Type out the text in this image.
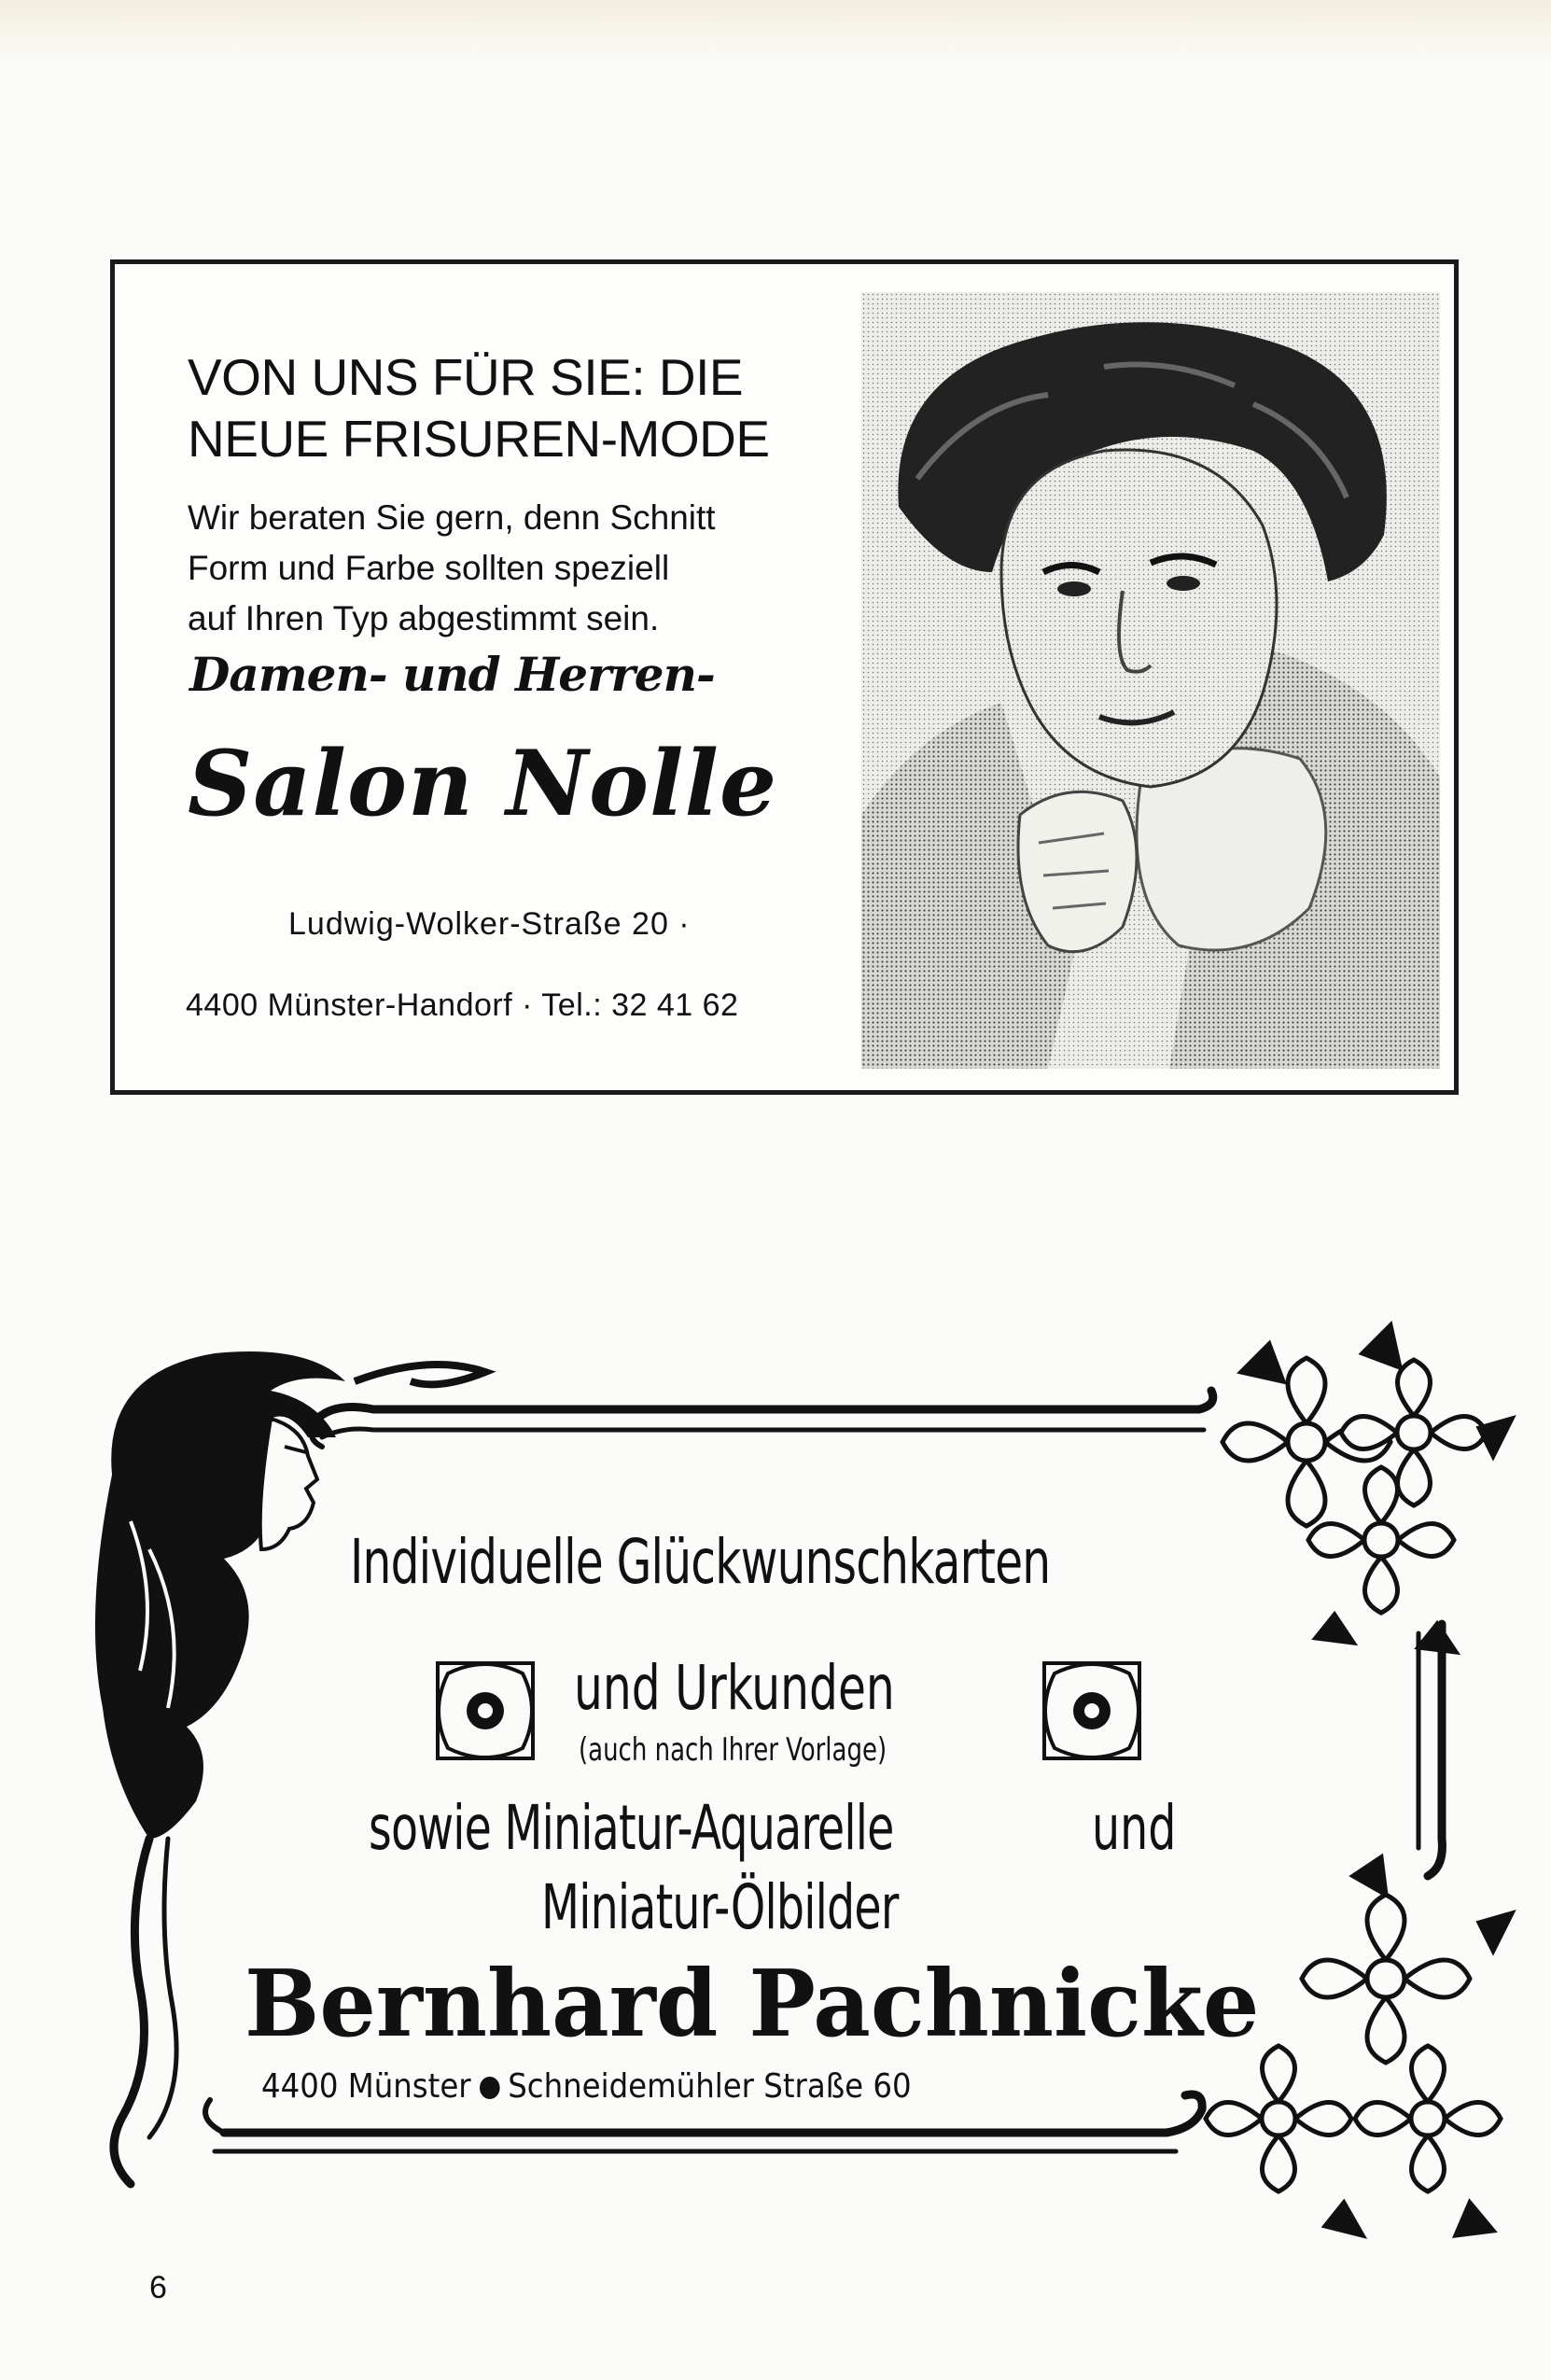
VON UNS FÜR SIE: DIE
NEUE FRISUREN-MODE
Wir beraten Sie gern, denn Schnitt
Form und Farbe sollten speziell
auf Ihren Typ abgestimmt sein.
Damen- und Herren-
Salon Nolle
Ludwig-Wolker-Straße 20 ·
4400 Münster-Handorf · Tel.: 32 41 62
Individuelle Glückwunschkarten
und Urkunden
(auch nach Ihrer Vorlage)
sowie Miniatur-Aquarelle	und
Miniatur-Ölbilder
Bernhard Pachnicke
4400 Münster Schneidemühler Straße 60
6
